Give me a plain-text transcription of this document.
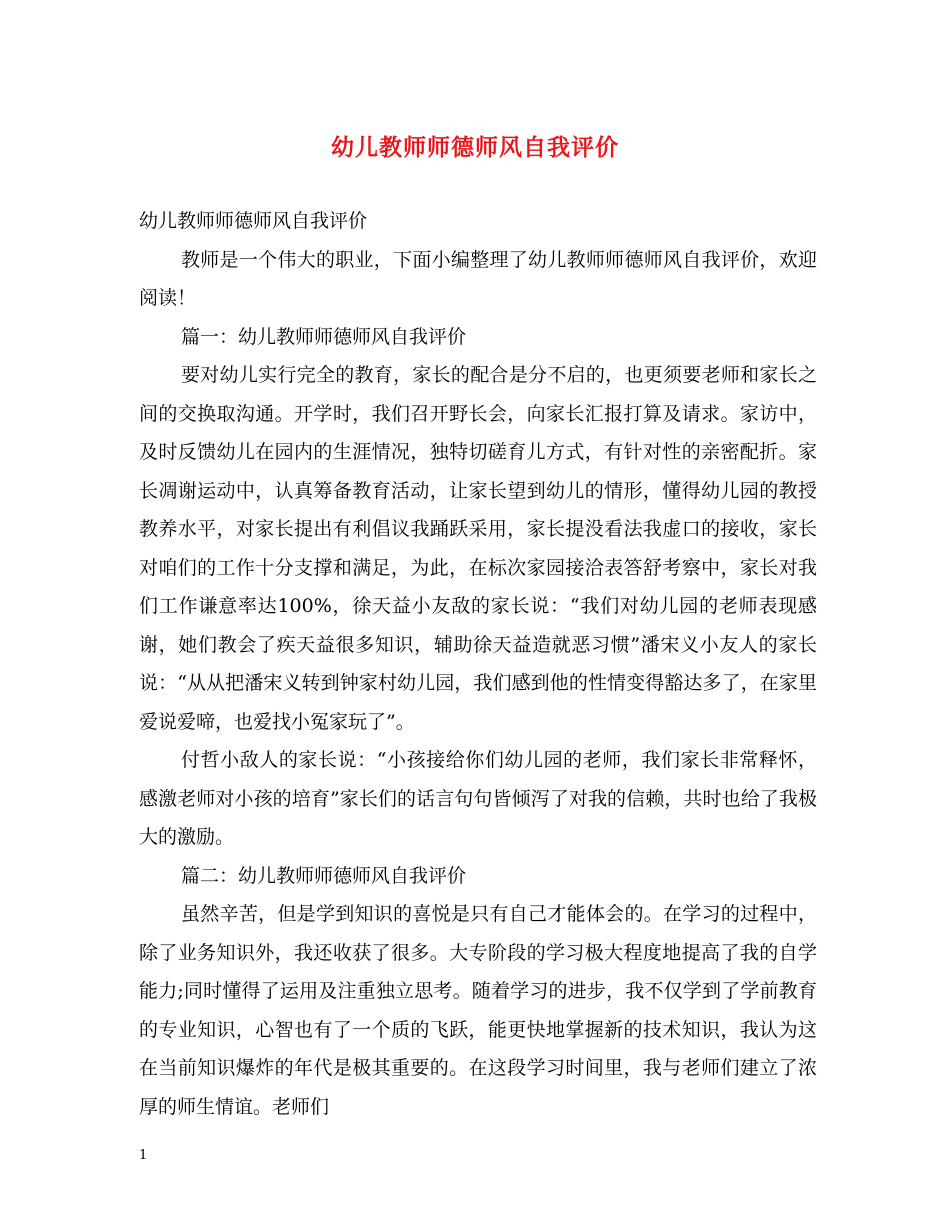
幼儿教师师德师风自我评价

幼儿教师师德师风自我评价

教师是一个伟大的职业，下面小编整理了幼儿教师师德师风自我评价，欢迎阅读！

篇一：幼儿教师师德师风自我评价

要对幼儿实行完全的教育，家长的配合是分不启的，也更须要老师和家长之间的交换取沟通。开学时，我们召开野长会，向家长汇报打算及请求。家访中，及时反馈幼儿在园内的生涯情况，独特切磋育儿方式，有针对性的亲密配折。家长凋谢运动中，认真筹备教育活动，让家长望到幼儿的情形，懂得幼儿园的教授教养水平，对家长提出有利倡议我踊跃采用，家长提没看法我虚口的接收，家长对咱们的工作十分支撑和满足，为此，在标次家园接洽表答舒考察中，家长对我们工作谦意率达100%，徐天益小友敌的家长说：“我们对幼儿园的老师表现感谢，她们教会了疾天益很多知识，辅助徐天益造就恶习惯”潘宋义小友人的家长说：“从从把潘宋义转到钟家村幼儿园，我们感到他的性情变得豁达多了，在家里爱说爱啼，也爱找小冤家玩了”。

付哲小敌人的家长说：“小孩接给你们幼儿园的老师，我们家长非常释怀，感激老师对小孩的培育”家长们的话言句句皆倾泻了对我的信赖，共时也给了我极大的激励。

篇二：幼儿教师师德师风自我评价

虽然辛苦，但是学到知识的喜悦是只有自己才能体会的。在学习的过程中，除了业务知识外，我还收获了很多。大专阶段的学习极大程度地提高了我的自学能力;同时懂得了运用及注重独立思考。随着学习的进步，我不仅学到了学前教育的专业知识，心智也有了一个质的飞跃，能更快地掌握新的技术知识，我认为这在当前知识爆炸的年代是极其重要的。在这段学习时间里，我与老师们建立了浓厚的师生情谊。老师们

1
